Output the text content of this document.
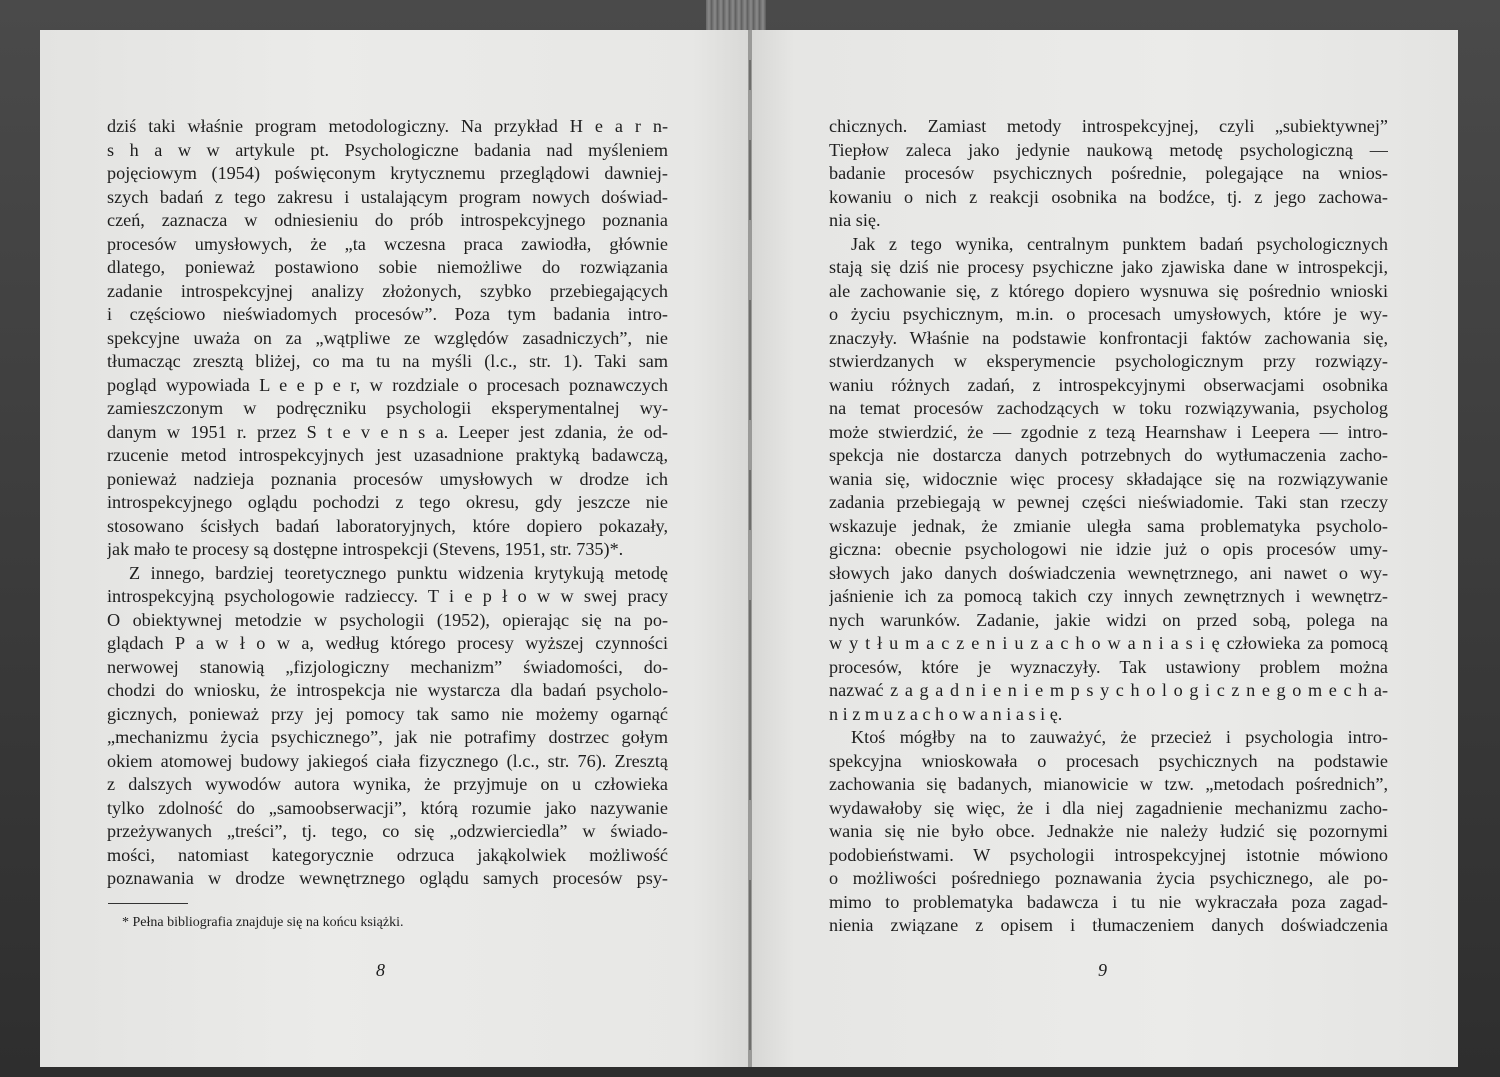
dziś taki właśnie program metodologiczny. Na przykład H e a r n-
s h a w w artykule pt. Psychologiczne badania nad myśleniem
pojęciowym (1954) poświęconym krytycznemu przeglądowi dawniej-
szych badań z tego zakresu i ustalającym program nowych doświad-
czeń, zaznacza w odniesieniu do prób introspekcyjnego poznania
procesów umysłowych, że „ta wczesna praca zawiodła, głównie
dlatego, ponieważ postawiono sobie niemożliwe do rozwiązania
zadanie introspekcyjnej analizy złożonych, szybko przebiegających
i częściowo nieświadomych procesów”. Poza tym badania intro-
spekcyjne uważa on za „wątpliwe ze względów zasadniczych”, nie
tłumacząc zresztą bliżej, co ma tu na myśli (l.c., str. 1). Taki sam
pogląd wypowiada L e e p e r, w rozdziale o procesach poznawczych
zamieszczonym w podręczniku psychologii eksperymentalnej wy-
danym w 1951 r. przez S t e v e n s a. Leeper jest zdania, że od-
rzucenie metod introspekcyjnych jest uzasadnione praktyką badawczą,
ponieważ nadzieja poznania procesów umysłowych w drodze ich
introspekcyjnego oglądu pochodzi z tego okresu, gdy jeszcze nie
stosowano ścisłych badań laboratoryjnych, które dopiero pokazały,
jak mało te procesy są dostępne introspekcji (Stevens, 1951, str. 735)*.
Z innego, bardziej teoretycznego punktu widzenia krytykują metodę
introspekcyjną psychologowie radzieccy. T i e p ł o w w swej pracy
O obiektywnej metodzie w psychologii (1952), opierając się na po-
glądach P a w ł o w a, według którego procesy wyższej czynności
nerwowej stanowią „fizjologiczny mechanizm” świadomości, do-
chodzi do wniosku, że introspekcja nie wystarcza dla badań psycholo-
gicznych, ponieważ przy jej pomocy tak samo nie możemy ogarnąć
„mechanizmu życia psychicznego”, jak nie potrafimy dostrzec gołym
okiem atomowej budowy jakiegoś ciała fizycznego (l.c., str. 76). Zresztą
z dalszych wywodów autora wynika, że przyjmuje on u człowieka
tylko zdolność do „samoobserwacji”, którą rozumie jako nazywanie
przeżywanych „treści”, tj. tego, co się „odzwierciedla” w świado-
mości, natomiast kategorycznie odrzuca jakąkolwiek możliwość
poznawania w drodze wewnętrznego oglądu samych procesów psy-
* Pełna bibliografia znajduje się na końcu książki.
8
chicznych. Zamiast metody introspekcyjnej, czyli „subiektywnej”
Tiepłow zaleca jako jedynie naukową metodę psychologiczną —
badanie procesów psychicznych pośrednie, polegające na wnios-
kowaniu o nich z reakcji osobnika na bodźce, tj. z jego zachowa-
nia się.
Jak z tego wynika, centralnym punktem badań psychologicznych
stają się dziś nie procesy psychiczne jako zjawiska dane w introspekcji,
ale zachowanie się, z którego dopiero wysnuwa się pośrednio wnioski
o życiu psychicznym, m.in. o procesach umysłowych, które je wy-
znaczyły. Właśnie na podstawie konfrontacji faktów zachowania się,
stwierdzanych w eksperymencie psychologicznym przy rozwiązy-
waniu różnych zadań, z introspekcyjnymi obserwacjami osobnika
na temat procesów zachodzących w toku rozwiązywania, psycholog
może stwierdzić, że — zgodnie z tezą Hearnshaw i Leepera — intro-
spekcja nie dostarcza danych potrzebnych do wytłumaczenia zacho-
wania się, widocznie więc procesy składające się na rozwiązywanie
zadania przebiegają w pewnej części nieświadomie. Taki stan rzeczy
wskazuje jednak, że zmianie uległa sama problematyka psycholo-
giczna: obecnie psychologowi nie idzie już o opis procesów umy-
słowych jako danych doświadczenia wewnętrznego, ani nawet o wy-
jaśnienie ich za pomocą takich czy innych zewnętrznych i wewnętrz-
nych warunków. Zadanie, jakie widzi on przed sobą, polega na
w y t ł u m a c z e n i u z a c h o w a n i a s i ę człowieka za pomocą
procesów, które je wyznaczyły. Tak ustawiony problem można
nazwać z a g a d n i e n i e m p s y c h o l o g i c z n e g o m e c h a-
n i z m u z a c h o w a n i a s i ę.
Ktoś mógłby na to zauważyć, że przecież i psychologia intro-
spekcyjna wnioskowała o procesach psychicznych na podstawie
zachowania się badanych, mianowicie w tzw. „metodach pośrednich”,
wydawałoby się więc, że i dla niej zagadnienie mechanizmu zacho-
wania się nie było obce. Jednakże nie należy łudzić się pozornymi
podobieństwami. W psychologii introspekcyjnej istotnie mówiono
o możliwości pośredniego poznawania życia psychicznego, ale po-
mimo to problematyka badawcza i tu nie wykraczała poza zagad-
nienia związane z opisem i tłumaczeniem danych doświadczenia
9
